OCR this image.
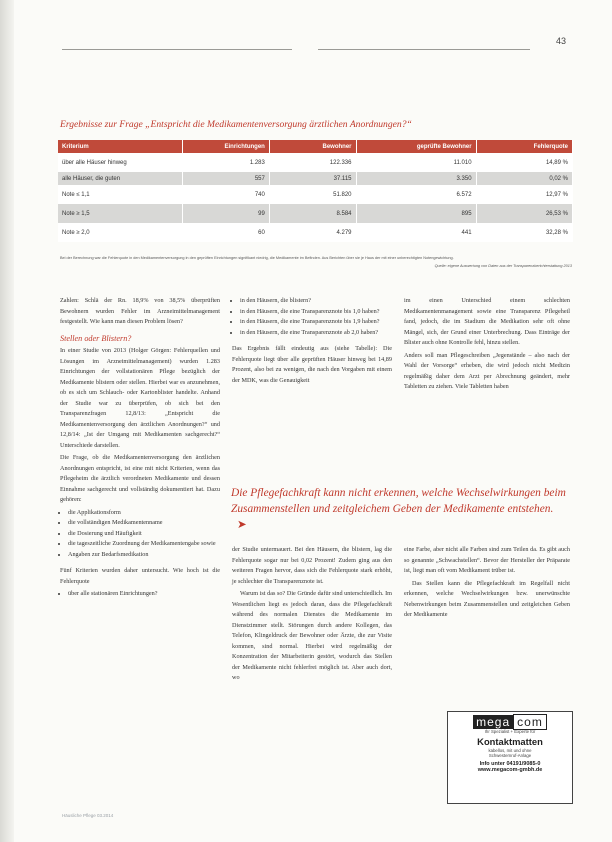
43
Ergebnisse zur Frage „Entspricht die Medikamentenversorgung ärztlichen Anordnungen?“
Kriterium	Einrichtungen	Bewohner	geprüfte Bewohner	Fehlerquote
über alle Häuser hinweg	1.283	122.336	11.010	14,89 %
alle Häuser, die guten	557	37.115	3.350	0,02 %
Note ≤ 1,1	740	51.820	6.572	12,97 %
Note ≥ 1,5	99	8.584	895	26,53 %
Note ≥ 2,0	60	4.279	441	32,28 %
Bei der Berechnung war die Fehlerquote in den Medikamentenversorgung in den geprüften Einrichtungen signifikant niedrig, die Medikamente im Befinden. Aus Berichten über sie je Haus der mit einer unberechtigten Notengewichtung.
Quelle: eigene Auswertung von Daten aus der Transparenzberichterstattung 2013

Zahlen: Schlä der Rn. 18,9% von 38,5% überprüften Bewohnern wurden Fehler im Arzneimittelmanagement festgestellt. Wie kann man diesen Problem lösen?

Stellen oder Blistern?

In einer Studie von 2013 (Holger Görgen: Fehlerquellen und Lösungen im Arzneimittelmanagement) wurden 1.283 Einrichtungen der vollstationären Pflege bezüglich der Medikamente blistern oder stellen. Hierbei war es anzunehmen, ob es sich um Schlauch- oder Kartonblister handelte. Anhand der Studie war zu überprüfen, ob sich bei den Transparenzfragen 12,8/13: „Entspricht die Medikamentenversorgung den ärztlichen Anordnungen?“ und 12,8/14: „Ist der Umgang mit Medikamenten sachgerecht?“ Unterschiede darstellen.

Die Frage, ob die Medikamentenversorgung den ärztlichen Anordnungen entspricht, ist eine mit nicht Kriterien, wenn das Pflegeheim die ärztlich verordneten Medikamente und dessen Einnahme sachgerecht und vollständig dokumentiert hat. Dazu gehören:

• die Applikationsform
• die vollständigen Medikamentenname
• die Dosierung und Häufigkeit
• die tageszeitliche Zuordnung der Medikamentengabe sowie
• Angaben zur Bedarfsmedikation

Fünf Kriterien wurden daher untersucht. Wie hoch ist die Fehlerquote

• über alle stationären Einrichtungen?
• in den Häusern, die blistern?
• in den Häusern, die eine Transparenznote bis 1,0 haben?
• in den Häusern, die eine Transparenznote bis 1,9 haben?
• in den Häusern, die eine Transparenznote ab 2,0 haben?

Das Ergebnis fällt eindeutig aus (siehe Tabelle): Die Fehlerquote liegt über alle geprüften Häuser hinweg bei 14,89 Prozent, also bei zu wenigen, die nach den Vorgaben mit einem der MDK, was die Genauigkeit

im einen Unterschied einem schlechten Medikamentenmanagement sowie eine Transparenz Pflegeheil fand, jedoch, die im Stadium die Medikation sehr oft ohne Mängel, sich, der Grund einer Unterbrechung. Dass Einträge der Blister auch ohne Kontrolle fehl, hinzu stellen.

Anders soll man Pflegeschreiben „Jegenstände – also nach der Wahl der Vorsorge“ erheben, die wird jedoch nicht Medizin regelmäßig daher dem Arzt per Abrechnung geändert, mehr Tabletten zu ziehen. Viele Tabletten haben

Die Pflegefachkraft kann nicht erkennen, welche Wechselwirkungen beim Zusammenstellen und zeitgleichem Geben der Medikamente entstehen.➤

der Studie untermauert. Bei den Häusern, die blistern, lag die Fehlerquote sogar nur bei 0,02 Prozent! Zudem ging aus den weiteren Fragen hervor, dass sich die Fehlerquote stark erhöht, je schlechter die Transparenznote ist.

Warum ist das so? Die Gründe dafür sind unterschiedlich. Im Wesentlichen liegt es jedoch daran, dass die Pflegefachkraft während des normalen Dienstes die Medikamente im Dienstzimmer stellt. Störungen durch andere Kollegen, das Telefon, Klingeldruck der Bewohner oder Ärzte, die zur Visite kommen, sind normal. Hierbei wird regelmäßig der Konzentration der Mitarbeiterin gestört, wodurch das Stellen der Medikamente nicht fehlerfrei möglich ist. Aber auch dort, wo

eine Farbe, aber nicht alle Farben sind zum Teilen da. Es gibt auch so genannte „Schwachstellen“. Bevor der Hersteller der Präparate ist, liegt man oft vom Medikament trüber ist.

Das Stellen kann die Pflegefachkraft im Regelfall nicht erkennen, welche Wechselwirkungen bzw. unerwünschte Nebenwirkungen beim Zusammenstellen und zeitgleichen Geben der Medikamente

mega com
Ihr Spezialist + Experte für
Kontaktmatten
kabellos, mit und ohne
Schwesternruf-Anlage
Info unter 04191/9085-0
www.megacom-gmbh.de
Häusliche Pflege 03.2014
